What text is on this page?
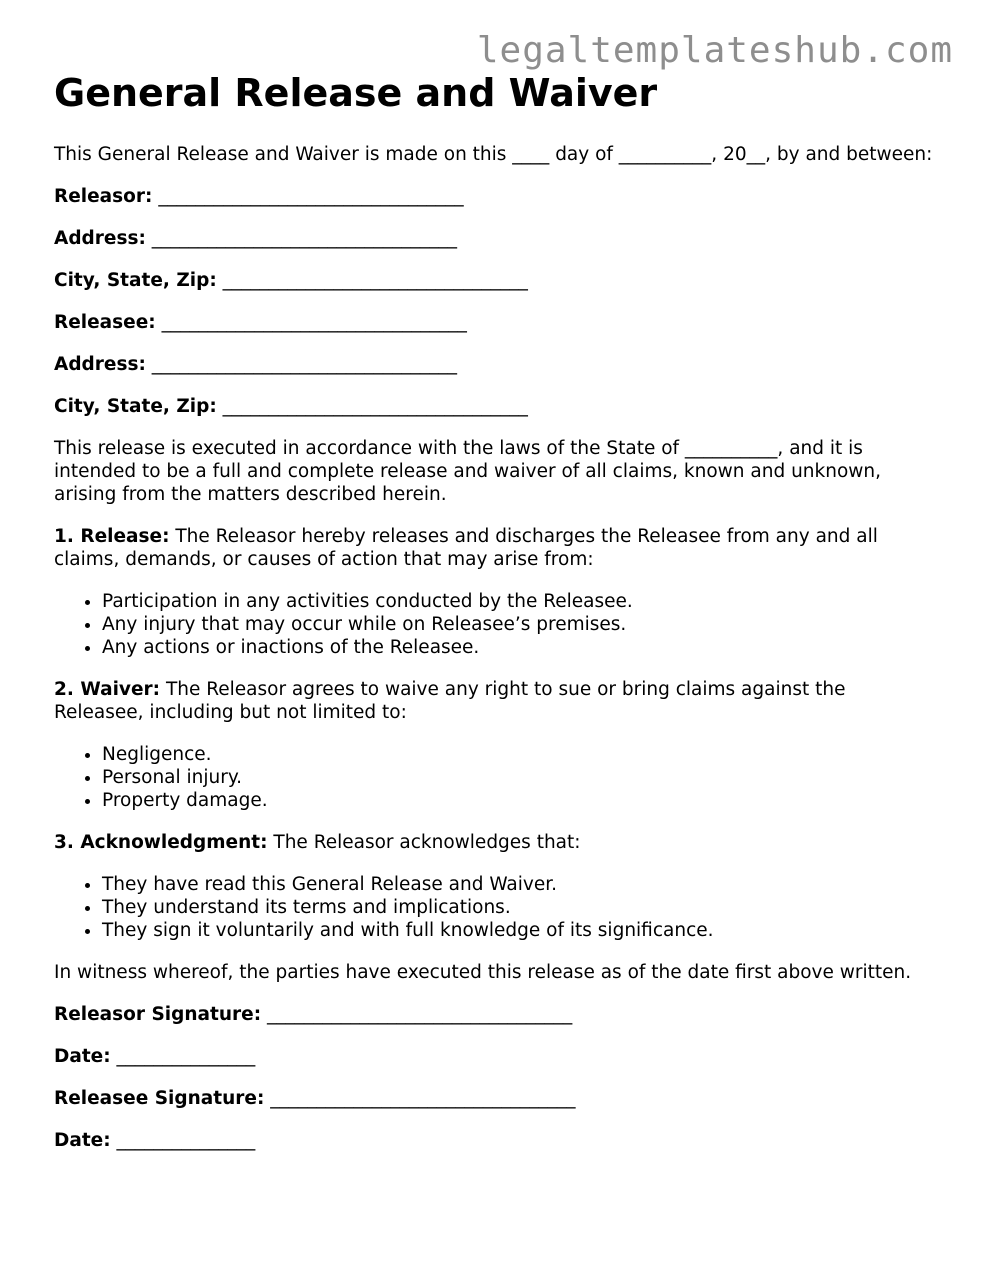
legaltemplateshub.com
General Release and Waiver

This General Release and Waiver is made on this ____ day of __________, 20__, by and between:

Releasor: _________________________________
Address: _________________________________
City, State, Zip: _________________________________
Releasee: _________________________________
Address: _________________________________
City, State, Zip: _________________________________

This release is executed in accordance with the laws of the State of __________, and it is intended to be a full and complete release and waiver of all claims, known and unknown, arising from the matters described herein.

1. Release: The Releasor hereby releases and discharges the Releasee from any and all claims, demands, or causes of action that may arise from:

• Participation in any activities conducted by the Releasee.
• Any injury that may occur while on Releasee’s premises.
• Any actions or inactions of the Releasee.

2. Waiver: The Releasor agrees to waive any right to sue or bring claims against the Releasee, including but not limited to:

• Negligence.
• Personal injury.
• Property damage.

3. Acknowledgment: The Releasor acknowledges that:

• They have read this General Release and Waiver.
• They understand its terms and implications.
• They sign it voluntarily and with full knowledge of its significance.

In witness whereof, the parties have executed this release as of the date first above written.

Releasor Signature: _________________________________
Date: _______________
Releasee Signature: _________________________________
Date: _______________
